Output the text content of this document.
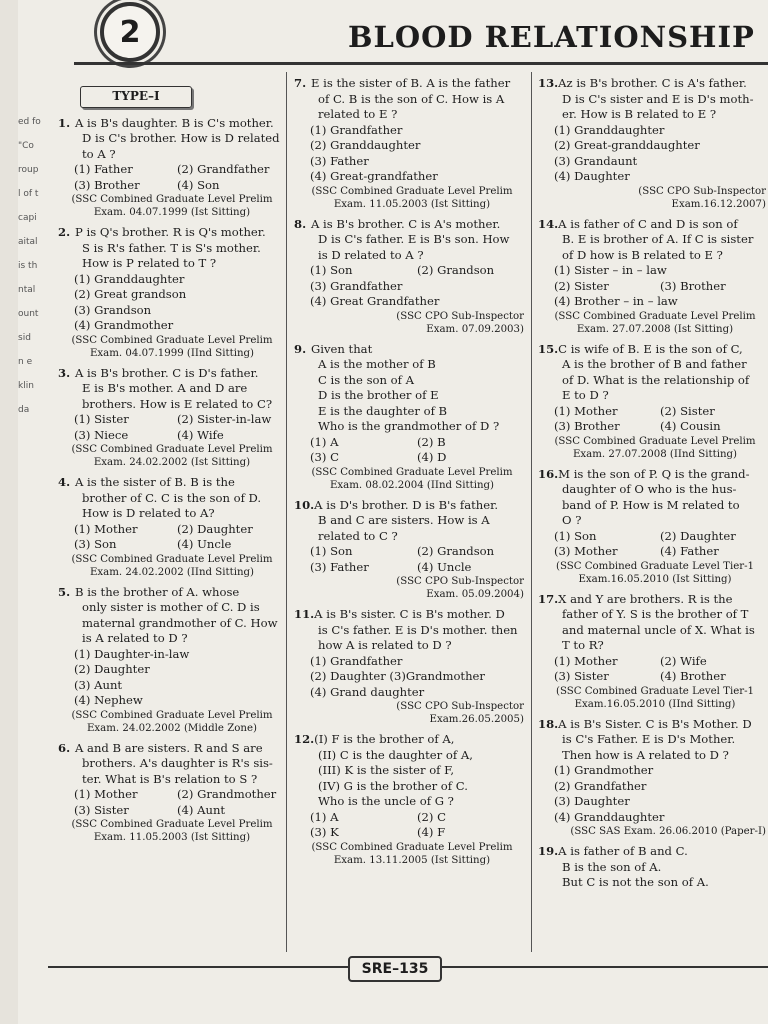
ed fo
"Co
roup
l of t
capi
aital
is th
ntal
ount
sid
n e
klin
da
2	BLOOD RELATIONSHIP
TYPE–I
1. A is B's daughter. B is C's mother.
D is C's brother. How is D related
to A ?
(1) Father	(2) Grandfather
(3) Brother	(4) Son
(SSC Combined Graduate Level Prelim
Exam. 04.07.1999 (Ist Sitting)
2. P is Q's brother. R is Q's mother.
S is R's father. T is S's mother.
How is P related to T ?
(1) Granddaughter
(2) Great grandson
(3) Grandson
(4) Grandmother
(SSC Combined Graduate Level Prelim
Exam. 04.07.1999 (IInd Sitting)
3. A is B's brother. C is D's father.
E is B's mother. A and D are
brothers. How is E related to C?
(1) Sister	(2) Sister-in-law
(3) Niece	(4) Wife
(SSC Combined Graduate Level Prelim
Exam. 24.02.2002 (Ist Sitting)
4. A is the sister of B. B is the
brother of C. C is the son of D.
How is D related to A?
(1) Mother	(2) Daughter
(3) Son	(4) Uncle
(SSC Combined Graduate Level Prelim
Exam. 24.02.2002 (IInd Sitting)
5. B is the brother of A. whose
only sister is mother of C. D is
maternal grandmother of C. How
is A related to D ?
(1) Daughter-in-law
(2) Daughter
(3) Aunt
(4) Nephew
(SSC Combined Graduate Level Prelim
Exam. 24.02.2002 (Middle Zone)
6. A and B are sisters. R and S are
brothers. A's daughter is R's sis-
ter. What is B's relation to S ?
(1) Mother	(2) Grandmother
(3) Sister	(4) Aunt
(SSC Combined Graduate Level Prelim
Exam. 11.05.2003 (Ist Sitting)
7. E is the sister of B. A is the father
of C. B is the son of C. How is A
related to E ?
(1) Grandfather
(2) Granddaughter
(3) Father
(4) Great-grandfather
(SSC Combined Graduate Level Prelim
Exam. 11.05.2003 (Ist Sitting)
8. A is B's brother. C is A's mother.
D is C's father. E is B's son. How
is D related to A ?
(1) Son	(2) Grandson
(3) Grandfather
(4) Great Grandfather
(SSC CPO Sub-Inspector
Exam. 07.09.2003)
9. Given that
A is the mother of B
C is the son of A
D is the brother of E
E is the daughter of B
Who is the grandmother of D ?
(1) A	(2) B
(3) C	(4) D
(SSC Combined Graduate Level Prelim
Exam. 08.02.2004 (IInd Sitting)
10. A is D's brother. D is B's father.
B and C are sisters. How is A
related to C ?
(1) Son	(2) Grandson
(3) Father	(4) Uncle
(SSC CPO Sub-Inspector
Exam. 05.09.2004)
11. A is B's sister. C is B's mother. D
is C's father. E is D's mother. then
how A is related to D ?
(1) Grandfather
(2) Daughter (3)Grandmother
(4) Grand daughter
(SSC CPO Sub-Inspector
Exam.26.05.2005)
12. (I) F is the brother of A,
(II) C is the daughter of A,
(III) K is the sister of F,
(IV) G is the brother of C.
Who is the uncle of G ?
(1) A	(2) C
(3) K	(4) F
(SSC Combined Graduate Level Prelim
Exam. 13.11.2005 (Ist Sitting)
13. Az is B's brother. C is A's father.
D is C's sister and E is D's moth-
er. How is B related to E ?
(1) Granddaughter
(2) Great-granddaughter
(3) Grandaunt
(4) Daughter
(SSC CPO Sub-Inspector
Exam.16.12.2007)
14. A is father of C and D is son of
B. E is brother of A. If C is sister
of D how is B related to E ?
(1) Sister – in – law
(2) Sister	(3) Brother
(4) Brother – in – law
(SSC Combined Graduate Level Prelim
Exam. 27.07.2008 (Ist Sitting)
15. C is wife of B. E is the son of C,
A is the brother of B and father
of D. What is the relationship of
E to D ?
(1) Mother	(2) Sister
(3) Brother	(4) Cousin
(SSC Combined Graduate Level Prelim
Exam. 27.07.2008 (IInd Sitting)
16. M is the son of P. Q is the grand-
daughter of O who is the hus-
band of P. How is M related to
O ?
(1) Son	(2) Daughter
(3) Mother	(4) Father
(SSC Combined Graduate Level Tier-1
Exam.16.05.2010 (Ist Sitting)
17. X and Y are brothers. R is the
father of Y. S is the brother of T
and maternal uncle of X. What is
T to R?
(1) Mother	(2) Wife
(3) Sister	(4) Brother
(SSC Combined Graduate Level Tier-1
Exam.16.05.2010 (IInd Sitting)
18. A is B's Sister. C is B's Mother. D
is C's Father. E is D's Mother.
Then how is A related to D ?
(1) Grandmother
(2) Grandfather
(3) Daughter
(4) Granddaughter
(SSC SAS Exam. 26.06.2010 (Paper-I)
19. A is father of B and C.
B is the son of A.
But C is not the son of A.
SRE–135
